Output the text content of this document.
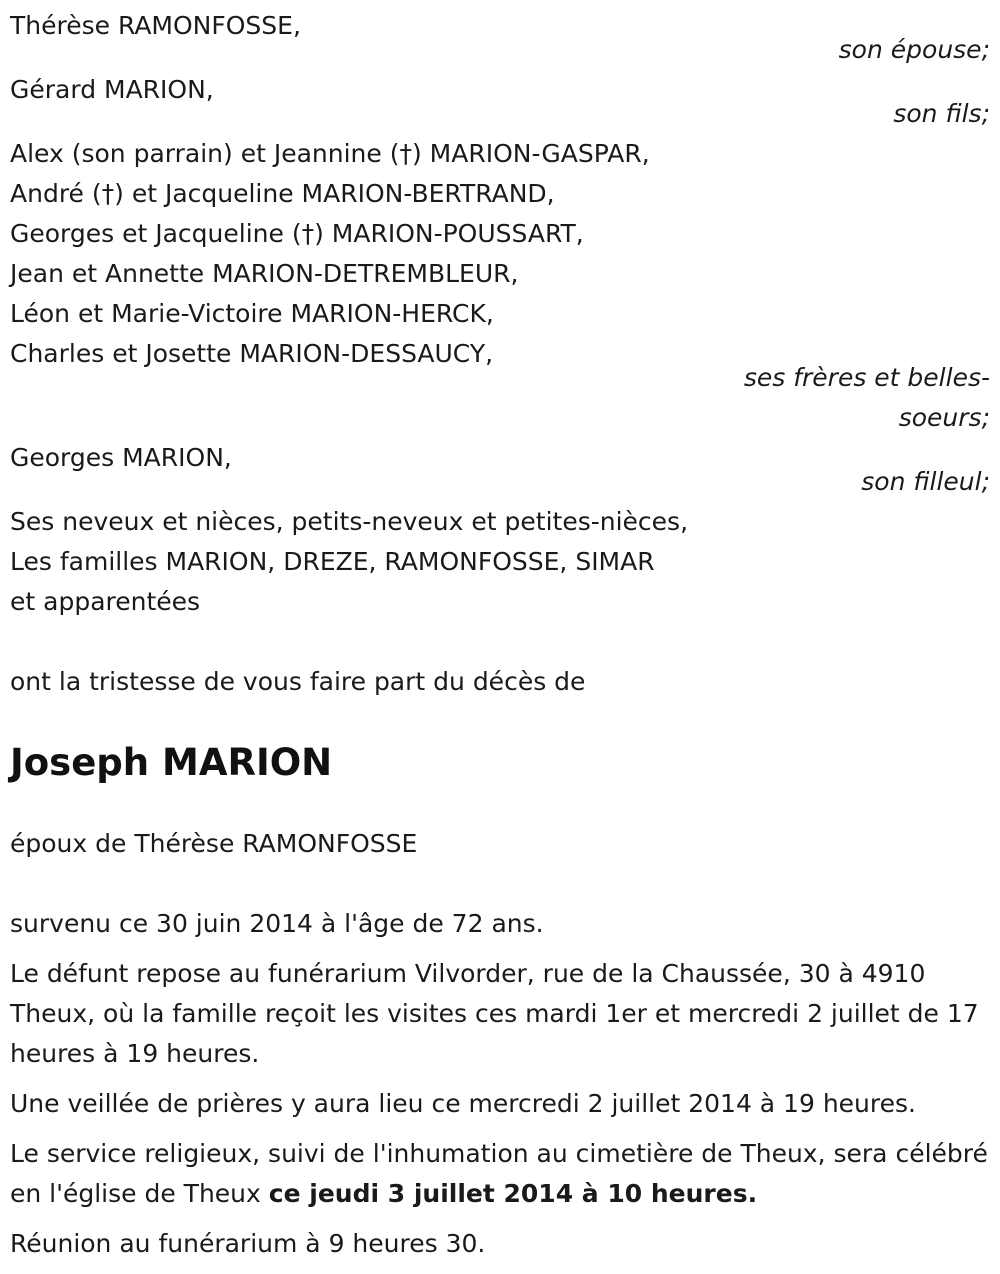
Thérèse RAMONFOSSE,
son épouse;
Gérard MARION,
son fils;
Alex (son parrain) et Jeannine (†) MARION-GASPAR,
André (†) et Jacqueline MARION-BERTRAND,
Georges et Jacqueline (†) MARION-POUSSART,
Jean et Annette MARION-DETREMBLEUR,
Léon et Marie-Victoire MARION-HERCK,
Charles et Josette MARION-DESSAUCY,
ses frères et belles-
soeurs;
Georges MARION,
son filleul;
Ses neveux et nièces, petits-neveux et petites-nièces,
Les familles MARION, DREZE, RAMONFOSSE, SIMAR
et apparentées
ont la tristesse de vous faire part du décès de
Joseph MARION
époux de Thérèse RAMONFOSSE
survenu ce 30 juin 2014 à l'âge de 72 ans.
Le défunt repose au funérarium Vilvorder, rue de la Chaussée, 30 à 4910 Theux, où la famille reçoit les visites ces mardi 1er et mercredi 2 juillet de 17 heures à 19 heures.
Une veillée de prières y aura lieu ce mercredi 2 juillet 2014 à 19 heures.
Le service religieux, suivi de l'inhumation au cimetière de Theux, sera célébré en l'église de Theux ce jeudi 3 juillet 2014 à 10 heures.
Réunion au funérarium à 9 heures 30.
